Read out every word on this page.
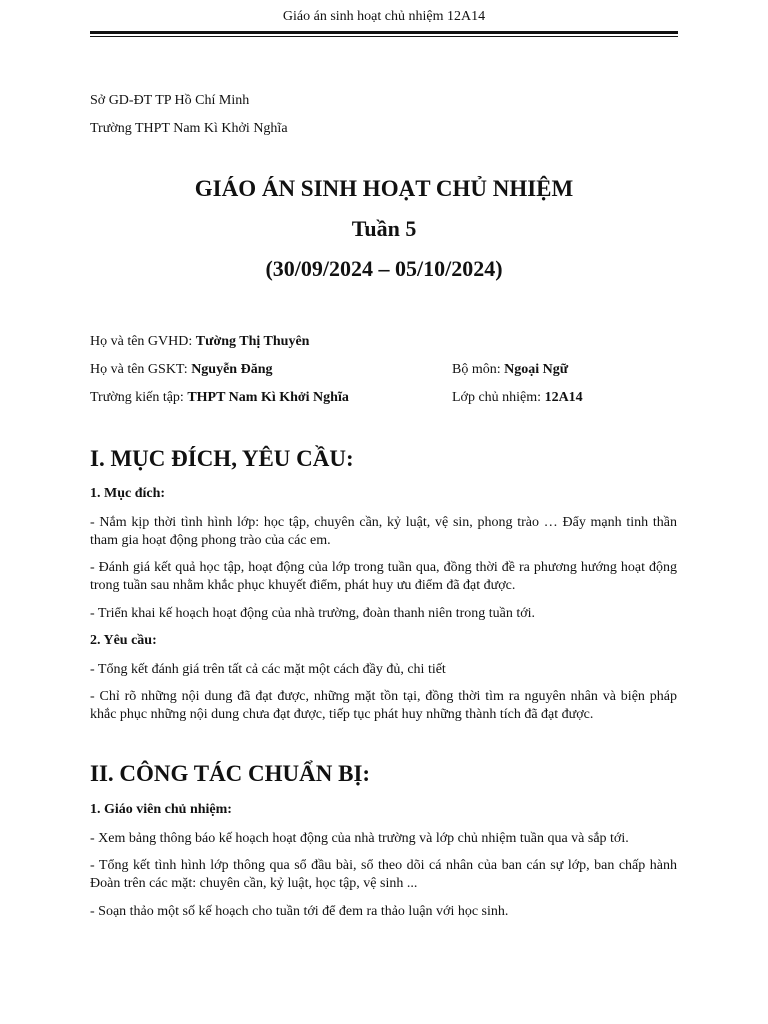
Giáo án sinh hoạt chủ nhiệm 12A14
Sở GD-ĐT TP Hồ Chí Minh
Trường THPT Nam Kì Khởi Nghĩa
GIÁO ÁN SINH HOẠT CHỦ NHIỆM
Tuần 5
(30/09/2024 – 05/10/2024)
Họ và tên GVHD: Tường Thị Thuyên
Họ và tên GSKT: Nguyễn Đăng	Bộ môn: Ngoại Ngữ
Trường kiến tập: THPT Nam Kì Khởi Nghĩa	Lớp chủ nhiệm: 12A14
I. MỤC ĐÍCH, YÊU CẦU:
1. Mục đích:
- Nắm kịp thời tình hình lớp: học tập, chuyên cần, kỷ luật, vệ sin, phong trào … Đẩy mạnh tinh thần tham gia hoạt động phong trào của các em.
- Đánh giá kết quả học tập, hoạt động của lớp trong tuần qua, đồng thời đề ra phương hướng hoạt động trong tuần sau nhằm khắc phục khuyết điểm, phát huy ưu điểm đã đạt được.
- Triển khai kế hoạch hoạt động của nhà trường, đoàn thanh niên trong tuần tới.
2. Yêu cầu:
- Tổng kết đánh giá trên tất cả các mặt một cách đầy đủ, chi tiết
- Chỉ rõ những nội dung đã đạt được, những mặt tồn tại, đồng thời tìm ra nguyên nhân và biện pháp khắc phục những nội dung chưa đạt được, tiếp tục phát huy những thành tích đã đạt được.
II. CÔNG TÁC CHUẨN BỊ:
1. Giáo viên chủ nhiệm:
- Xem bảng thông báo kế hoạch hoạt động của nhà trường và lớp chủ nhiệm tuần qua và sắp tới.
- Tổng kết tình hình lớp thông qua sổ đầu bài, sổ theo dõi cá nhân của ban cán sự lớp, ban chấp hành Đoàn trên các mặt: chuyên cần, kỷ luật, học tập, vệ sinh ...
- Soạn thảo một số kế hoạch cho tuần tới để đem ra thảo luận với học sinh.
